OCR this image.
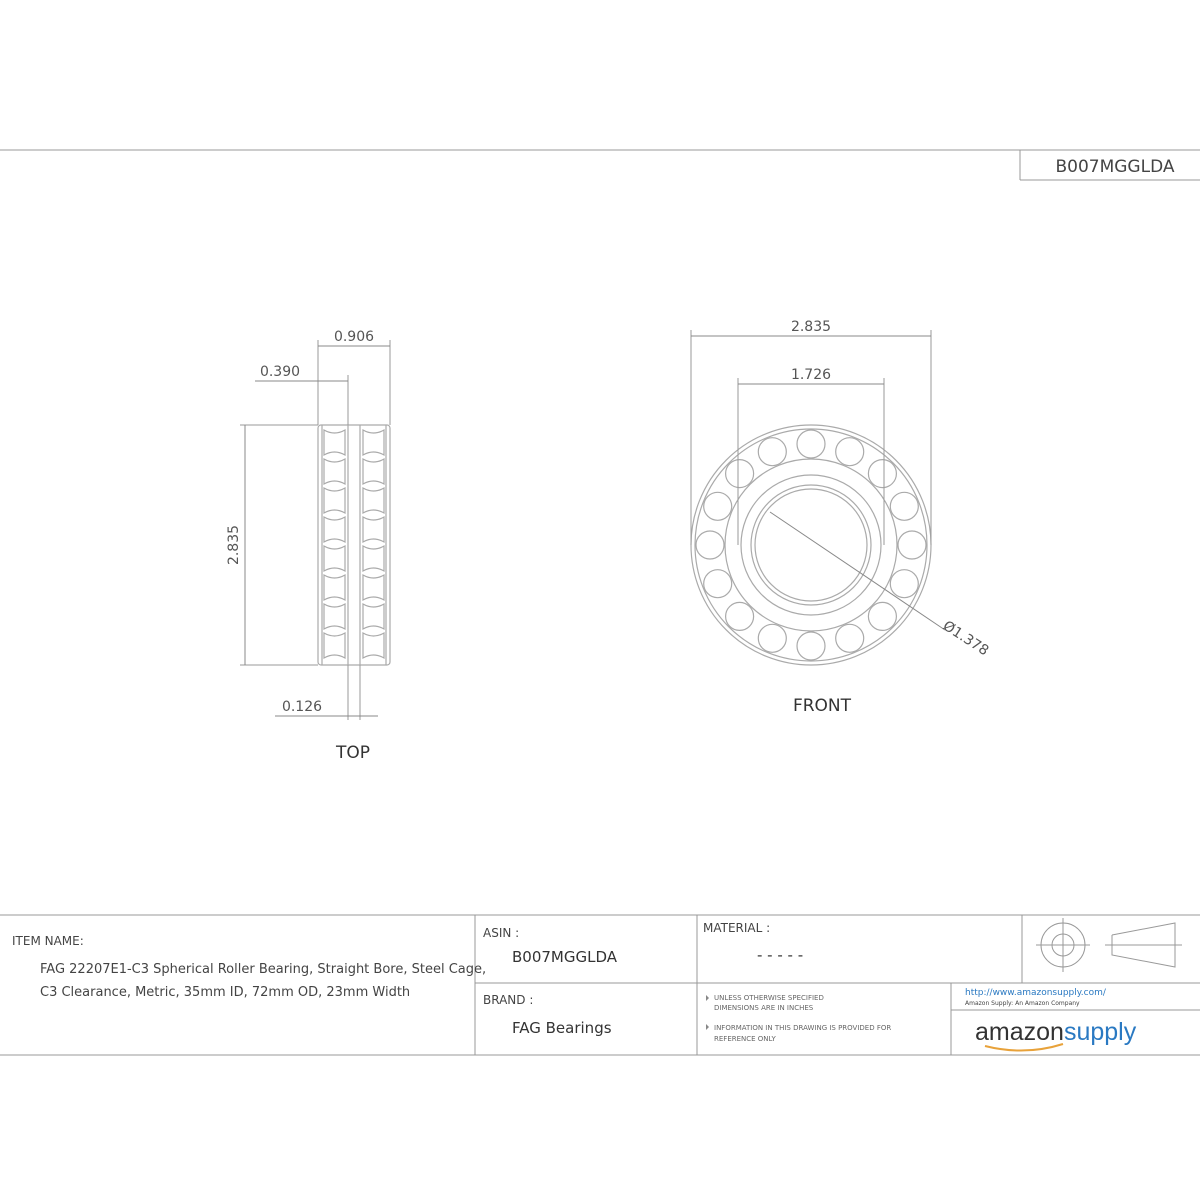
B007MGGLDA
0.906
0.390
2.835
0.126
TOP
2.835
1.726
Ø1.378
FRONT
ITEM NAME:
FAG 22207E1-C3 Spherical Roller Bearing, Straight Bore, Steel Cage,
C3 Clearance, Metric, 35mm ID, 72mm OD, 23mm Width
ASIN :
B007MGGLDA
MATERIAL :
- - - - -
BRAND :
FAG Bearings
UNLESS OTHERWISE SPECIFIED
DIMENSIONS ARE IN INCHES
INFORMATION IN THIS DRAWING IS PROVIDED FOR
REFERENCE ONLY
http://www.amazonsupply.com/
Amazon Supply: An Amazon Company
amazonsupply
